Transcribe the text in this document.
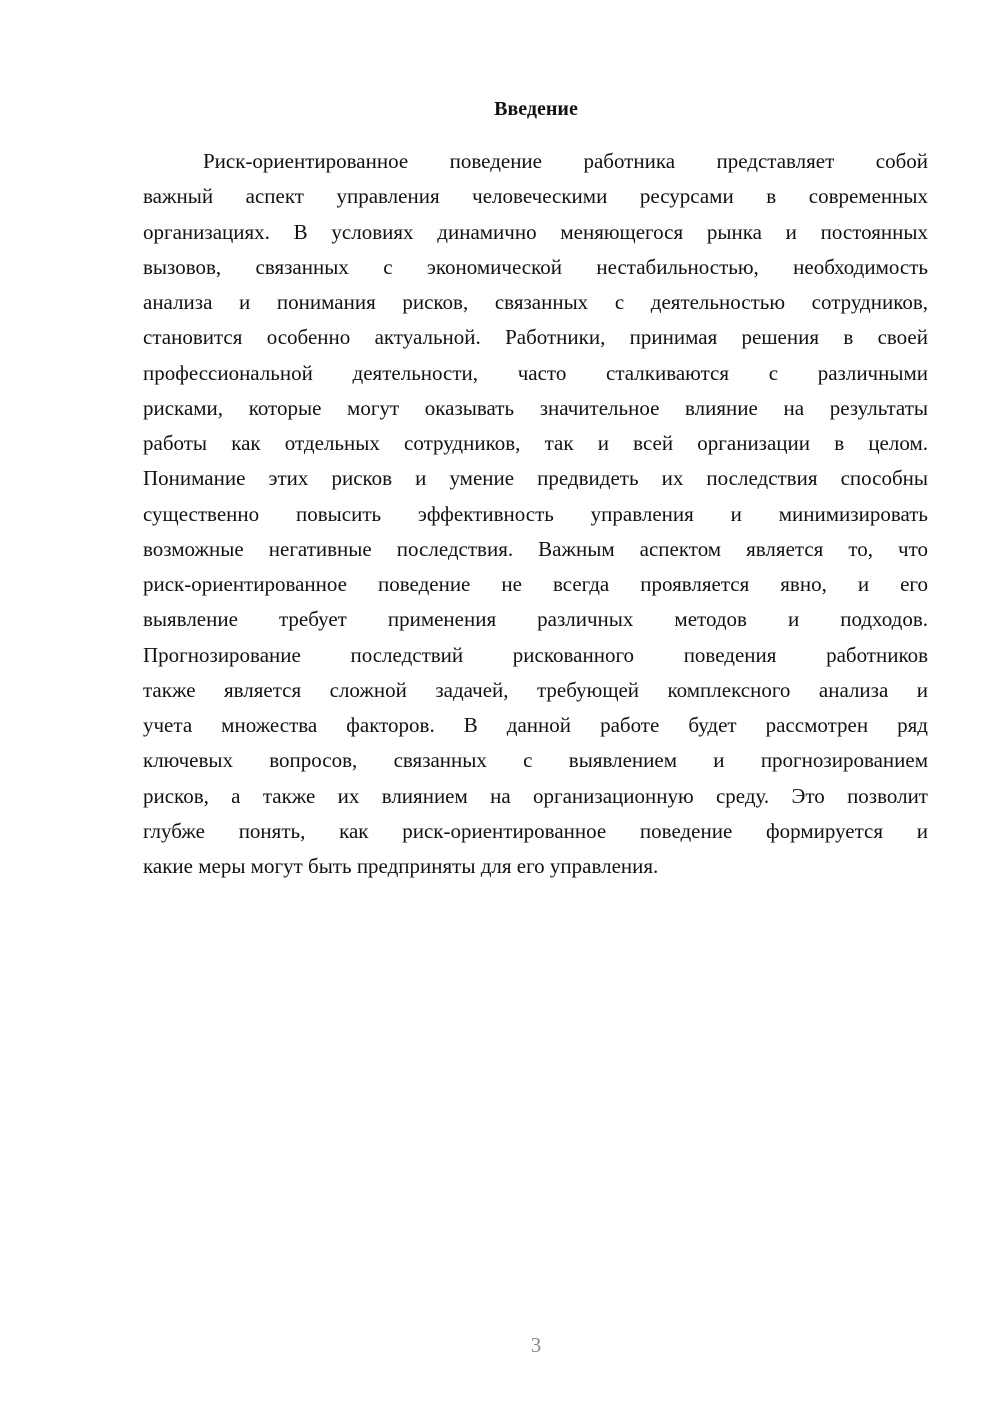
Введение
Риск-ориентированное поведение работника представляет собой
важный аспект управления человеческими ресурсами в современных
организациях. В условиях динамично меняющегося рынка и постоянных
вызовов, связанных с экономической нестабильностью, необходимость
анализа и понимания рисков, связанных с деятельностью сотрудников,
становится особенно актуальной. Работники, принимая решения в своей
профессиональной деятельности, часто сталкиваются с различными
рисками, которые могут оказывать значительное влияние на результаты
работы как отдельных сотрудников, так и всей организации в целом.
Понимание этих рисков и умение предвидеть их последствия способны
существенно повысить эффективность управления и минимизировать
возможные негативные последствия. Важным аспектом является то, что
риск-ориентированное поведение не всегда проявляется явно, и его
выявление требует применения различных методов и подходов.
Прогнозирование последствий рискованного поведения работников
также является сложной задачей, требующей комплексного анализа и
учета множества факторов. В данной работе будет рассмотрен ряд
ключевых вопросов, связанных с выявлением и прогнозированием
рисков, а также их влиянием на организационную среду. Это позволит
глубже понять, как риск-ориентированное поведение формируется и
какие меры могут быть предприняты для его управления.
3
